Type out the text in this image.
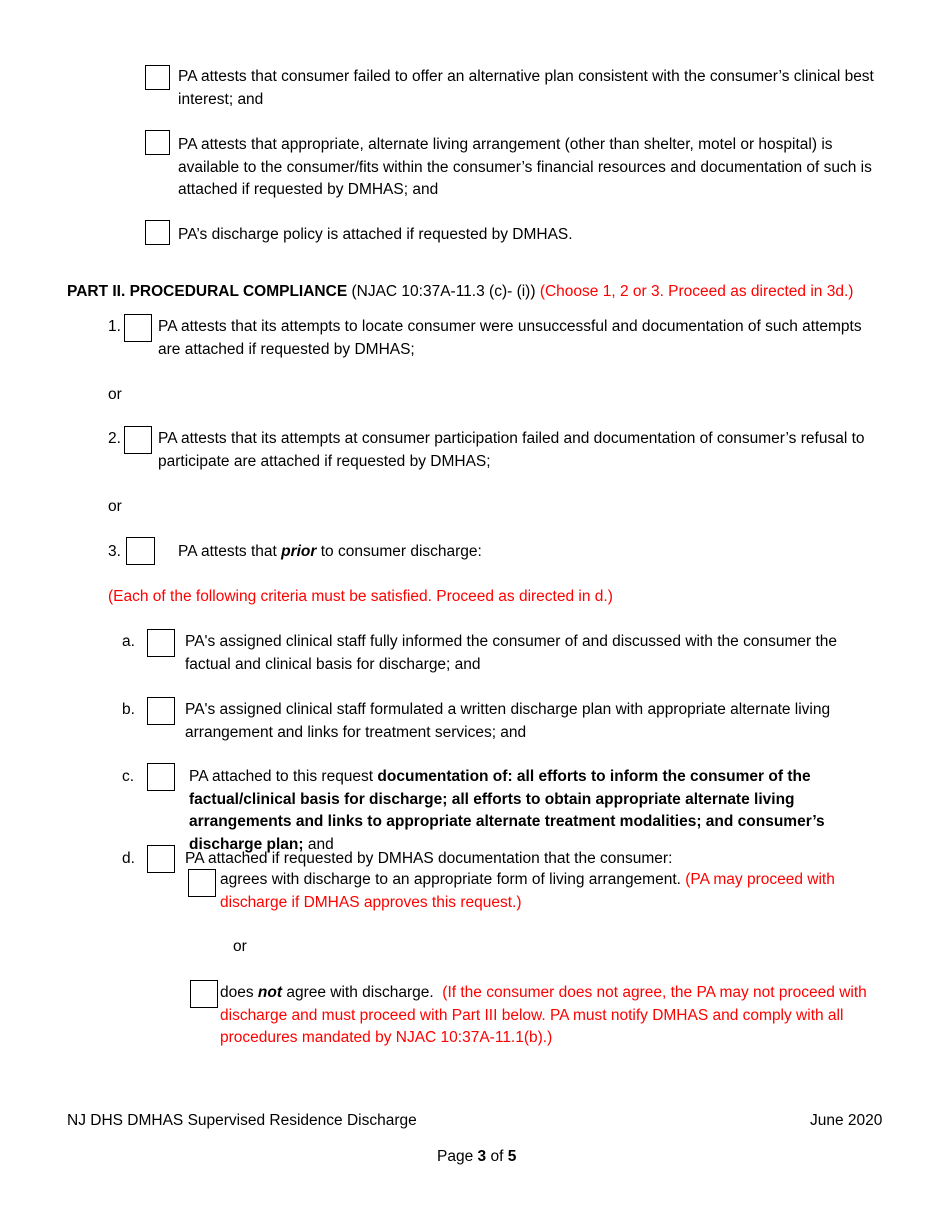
PA attests that consumer failed to offer an alternative plan consistent with the consumer’s clinical best interest; and
PA attests that appropriate, alternate living arrangement (other than shelter, motel or hospital) is available to the consumer/fits within the consumer’s financial resources and documentation of such is attached if requested by DMHAS; and
PA’s discharge policy is attached if requested by DMHAS.
PART II. PROCEDURAL COMPLIANCE (NJAC 10:37A-11.3 (c)- (i)) (Choose 1, 2 or 3. Proceed as directed in 3d.)
1. PA attests that its attempts to locate consumer were unsuccessful and documentation of such attempts are attached if requested by DMHAS;
or
2. PA attests that its attempts at consumer participation failed and documentation of consumer’s refusal to participate are attached if requested by DMHAS;
or
3.	PA attests that prior to consumer discharge:
(Each of the following criteria must be satisfied. Proceed as directed in d.)
a.	PA's assigned clinical staff fully informed the consumer of and discussed with the consumer the factual and clinical basis for discharge; and
b.	PA's assigned clinical staff formulated a written discharge plan with appropriate alternate living arrangement and links for treatment services; and
c.	PA attached to this request documentation of: all efforts to inform the consumer of the factual/clinical basis for discharge; all efforts to obtain appropriate alternate living arrangements and links to appropriate alternate treatment modalities; and consumer’s discharge plan; and
d.	PA attached if requested by DMHAS documentation that the consumer:
agrees with discharge to an appropriate form of living arrangement. (PA may proceed with discharge if DMHAS approves this request.)
or
does not agree with discharge.  (If the consumer does not agree, the PA may not proceed with discharge and must proceed with Part III below. PA must notify DMHAS and comply with all procedures mandated by NJAC 10:37A-11.1(b).)
NJ DHS DMHAS Supervised Residence Discharge	June 2020
Page 3 of 5
